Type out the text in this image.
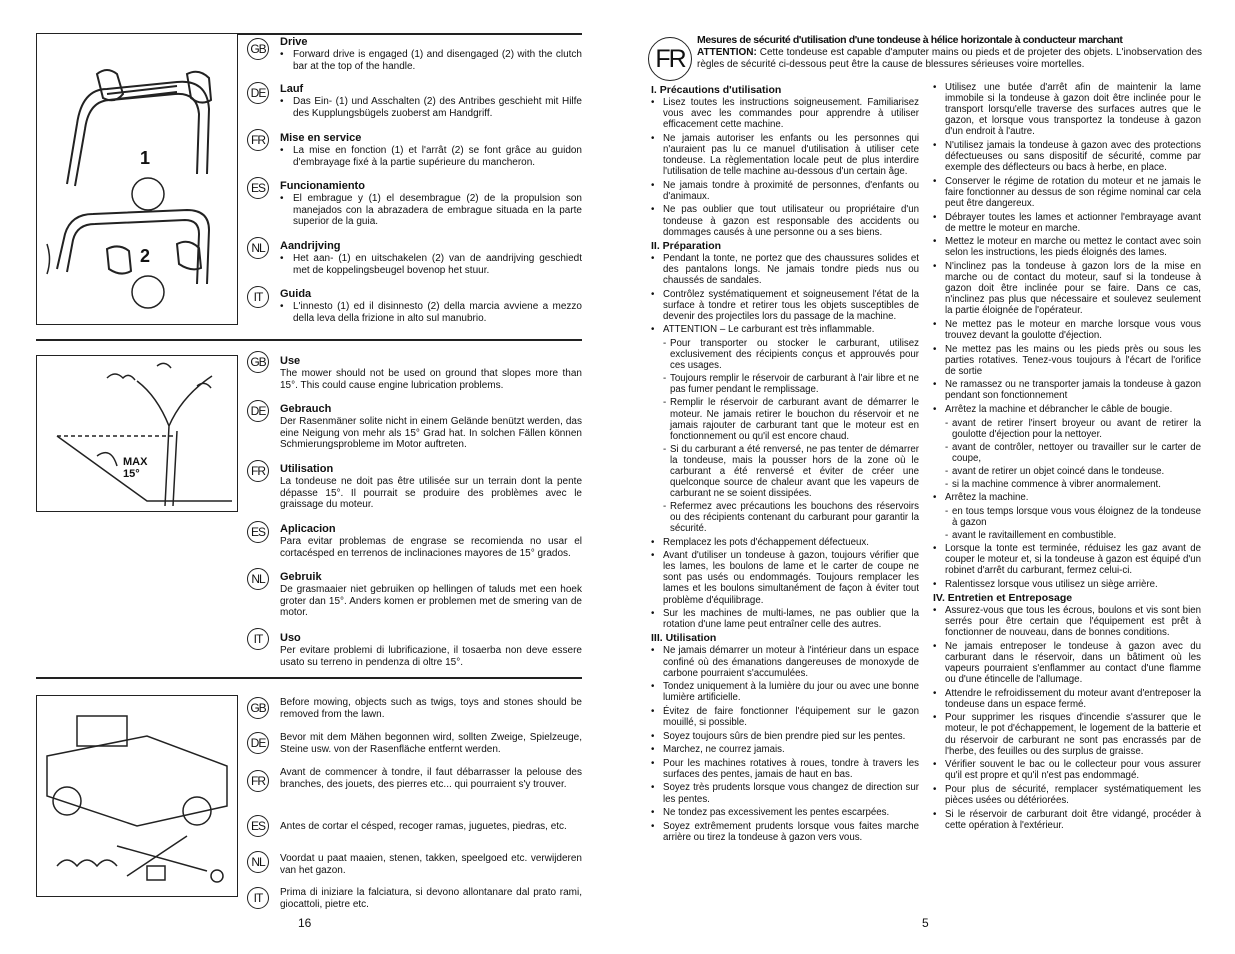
1
2
MAX
15°
GB	Drive
• Forward drive is engaged (1) and disengaged (2) with the clutch bar at the top of the handle.
DE	Lauf
• Das Ein- (1) und Asschalten (2) des Antribes geschieht mit Hilfe des Kupplungsbügels zuoberst am Handgriff.
FR	Mise en service
• La mise en fonction (1) et l'arrât (2) se font grâce au guidon d'embrayage fixé à la partie supérieure du mancheron.
ES	Funcionamiento
• El embrague y (1) el desembrague (2) de la propulsion son manejados con la abrazadera de embrague situada en la parte superior de la guia.
NL	Aandrijving
• Het aan- (1) en uitschakelen (2) van de aandrijving geschiedt met de koppelingsbeugel bovenop het stuur.
IT	Guida
• L'innesto (1) ed il disinnesto (2) della marcia avviene a mezzo della leva della frizione in alto sul manubrio.
GB	Use
The mower should not be used on ground that slopes more than 15°. This could cause engine lubrication problems.
DE	Gebrauch
Der Rasenmäner solite nicht in einem Gelände benützt werden, das eine Neigung von mehr als 15° Grad hat. In solchen Fällen können Schmierungsprobleme im Motor auftreten.
FR	Utilisation
La tondeuse ne doit pas être utilisée sur un terrain dont la pente dépasse 15°. Il pourrait se produire des problèmes avec le graissage du moteur.
ES	Aplicacion
Para evitar problemas de engrase se recomienda no usar el cortacésped en terrenos de inclinaciones mayores de 15° grados.
NL	Gebruik
De grasmaaier niet gebruiken op hellingen of taluds met een hoek groter dan 15°. Anders komen er problemen met de smering van de motor.
IT	Uso
Per evitare problemi di lubrificazione, il tosaerba non deve essere usato su terreno in pendenza di oltre 15°.
GB	Before mowing, objects such as twigs, toys and stones should be removed from the lawn.
DE	Bevor mit dem Mähen begonnen wird, sollten Zweige, Spielzeuge, Steine usw. von der Rasenfläche entfernt werden.
FR
Avant de commencer à tondre, il faut débarrasser la pelouse des branches, des jouets, des pierres etc... qui pourraient s'y trouver.
ES	Antes de cortar el césped, recoger ramas, juguetes, piedras, etc.
NL	Voordat u paat maaien, stenen, takken, speelgoed etc. verwijderen van het gazon.
IT	Prima di iniziare la falciatura, si devono allontanare dal prato rami, giocattoli, pietre etc.
16
FR
Mesures de sécurité d'utilisation d'une tondeuse à hélice horizontale à conducteur marchant
ATTENTION: Cette tondeuse est capable d'amputer mains ou pieds et de projeter des objets. L'inobservation des règles de sécurité ci-dessous peut être la cause de blessures sérieuses voire mortelles.
I. Précautions d'utilisation
• Lisez toutes les instructions soigneusement. Familiarisez vous avec les commandes pour apprendre à utiliser efficacement cette machine.
• Ne jamais autoriser les enfants ou les personnes qui n'auraient pas lu ce manuel d'utilisation à utiliser cete tondeuse. La règlementation locale peut de plus interdire l'utilisation de telle machine au-dessous d'un certain âge.
• Ne jamais tondre à proximité de personnes, d'enfants ou d'animaux.
• Ne pas oublier que tout utilisateur ou propriétaire d'un tondeuse à gazon est responsable des accidents ou dommages causés à une personne ou a ses biens.
II. Préparation
• Pendant la tonte, ne portez que des chaussures solides et des pantalons longs. Ne jamais tondre pieds nus ou chaussés de sandales.
• Contrôlez systématiquement et soigneusement l'état de la surface à tondre et retirer tous les objets susceptibles de devenir des projectiles lors du passage de la machine.
• ATTENTION – Le carburant est très inflammable.
- Pour transporter ou stocker le carburant, utilisez exclusivement des récipients conçus et approuvés pour ces usages.
- Toujours remplir le réservoir de carburant à l'air libre et ne pas fumer pendant le remplissage.
- Remplir le réservoir de carburant avant de démarrer le moteur. Ne jamais retirer le bouchon du réservoir et ne jamais rajouter de carburant tant que le moteur est en fonctionnement ou qu'il est encore chaud.
- Si du carburant a été renversé, ne pas tenter de démarrer la tondeuse, mais la pousser hors de la zone où le carburant a été renversé et éviter de créer une quelconque source de chaleur avant que les vapeurs de carburant ne se soient dissipées.
- Refermez avec précautions les bouchons des réservoirs ou des récipients contenant du carburant pour garantir la sécurité.
• Remplacez les pots d'échappement défectueux.
• Avant d'utiliser un tondeuse à gazon, toujours vérifier que les lames, les boulons de lame et le carter de coupe ne sont pas usés ou endommagés. Toujours remplacer les lames et les boulons simultanément de façon à éviter tout problème d'équilibrage.
• Sur les machines de multi-lames, ne pas oublier que la rotation d'une lame peut entraîner celle des autres.
III. Utilisation
• Ne jamais démarrer un moteur à l'intérieur dans un espace confiné où des émanations dangereuses de monoxyde de carbone pourraient s'accumulées.
• Tondez uniquement à la lumière du jour ou avec une bonne lumière artificielle.
• Évitez de faire fonctionner l'équipement sur le gazon mouillé, si possible.
• Soyez toujours sûrs de bien prendre pied sur les pentes.
• Marchez, ne courrez jamais.
• Pour les machines rotatives à roues, tondre à travers les surfaces des pentes, jamais de haut en bas.
• Soyez très prudents lorsque vous changez de direction sur les pentes.
• Ne tondez pas excessivement les pentes escarpées.
• Soyez extrêmement prudents lorsque vous faites marche arrière ou tirez la tondeuse à gazon vers vous.
• Utilisez une butée d'arrêt afin de maintenir la lame immobile si la tondeuse à gazon doit être inclinée pour le transport lorsqu'elle traverse des surfaces autres que le gazon, et lorsque vous transportez la tondeuse à gazon d'un endroit à l'autre.
• N'utilisez jamais la tondeuse à gazon avec des protections défectueuses ou sans dispositif de sécurité, comme par exemple des déflecteurs ou bacs à herbe, en place.
• Conserver le régime de rotation du moteur et ne jamais le faire fonctionner au dessus de son régime nominal car cela peut être dangereux.
• Débrayer toutes les lames et actionner l'embrayage avant de mettre le moteur en marche.
• Mettez le moteur en marche ou mettez le contact avec soin selon les instructions, les pieds éloignés des lames.
• N'inclinez pas la tondeuse à gazon lors de la mise en marche ou de contact du moteur, sauf si la tondeuse à gazon doit être inclinée pour se faire. Dans ce cas, n'inclinez pas plus que nécessaire et soulevez seulement la partie éloignée de l'opérateur.
• Ne mettez pas le moteur en marche lorsque vous vous trouvez devant la goulotte d'éjection.
• Ne mettez pas les mains ou les pieds près ou sous les parties rotatives. Tenez-vous toujours à l'écart de l'orifice de sortie
• Ne ramassez ou ne transporter jamais la tondeuse à gazon pendant son fonctionnement
• Arrêtez la machine et débrancher le câble de bougie.
- avant de retirer l'insert broyeur ou avant de retirer la goulotte d'éjection pour la nettoyer.
- avant de contrôler, nettoyer ou travailler sur le carter de coupe,
- avant de retirer un objet coincé dans le tondeuse.
- si la machine commence à vibrer anormalement.
• Arrêtez la machine.
- en tous temps lorsque vous vous éloignez de la tondeuse à gazon
- avant le ravitaillement en combustible.
• Lorsque la tonte est terminée, réduisez les gaz avant de couper le moteur et, si la tondeuse à gazon est équipé d'un robinet d'arrêt du carburant, fermez celui-ci.
• Ralentissez lorsque vous utilisez un siège arrière.
IV. Entretien et Entreposage
• Assurez-vous que tous les écrous, boulons et vis sont bien serrés pour être certain que l'équipement est prêt à fonctionner de nouveau, dans de bonnes conditions.
• Ne jamais entreposer le tondeuse à gazon avec du carburant dans le réservoir, dans un bâtiment où les vapeurs pourraient s'enflammer au contact d'une flamme ou d'une étincelle de l'allumage.
• Attendre le refroidissement du moteur avant d'entreposer la tondeuse dans un espace fermé.
• Pour supprimer les risques d'incendie s'assurer que le moteur, le pot d'échappement, le logement de la batterie et du réservoir de carburant ne sont pas encrassés par de l'herbe, des feuilles ou des surplus de graisse.
• Vérifier souvent le bac ou le collecteur pour vous assurer qu'il est propre et qu'il n'est pas endommagé.
• Pour plus de sécurité, remplacer systématiquement les pièces usées ou détériorées.
• Si le réservoir de carburant doit être vidangé, procéder à cette opération à l'extérieur.
5
